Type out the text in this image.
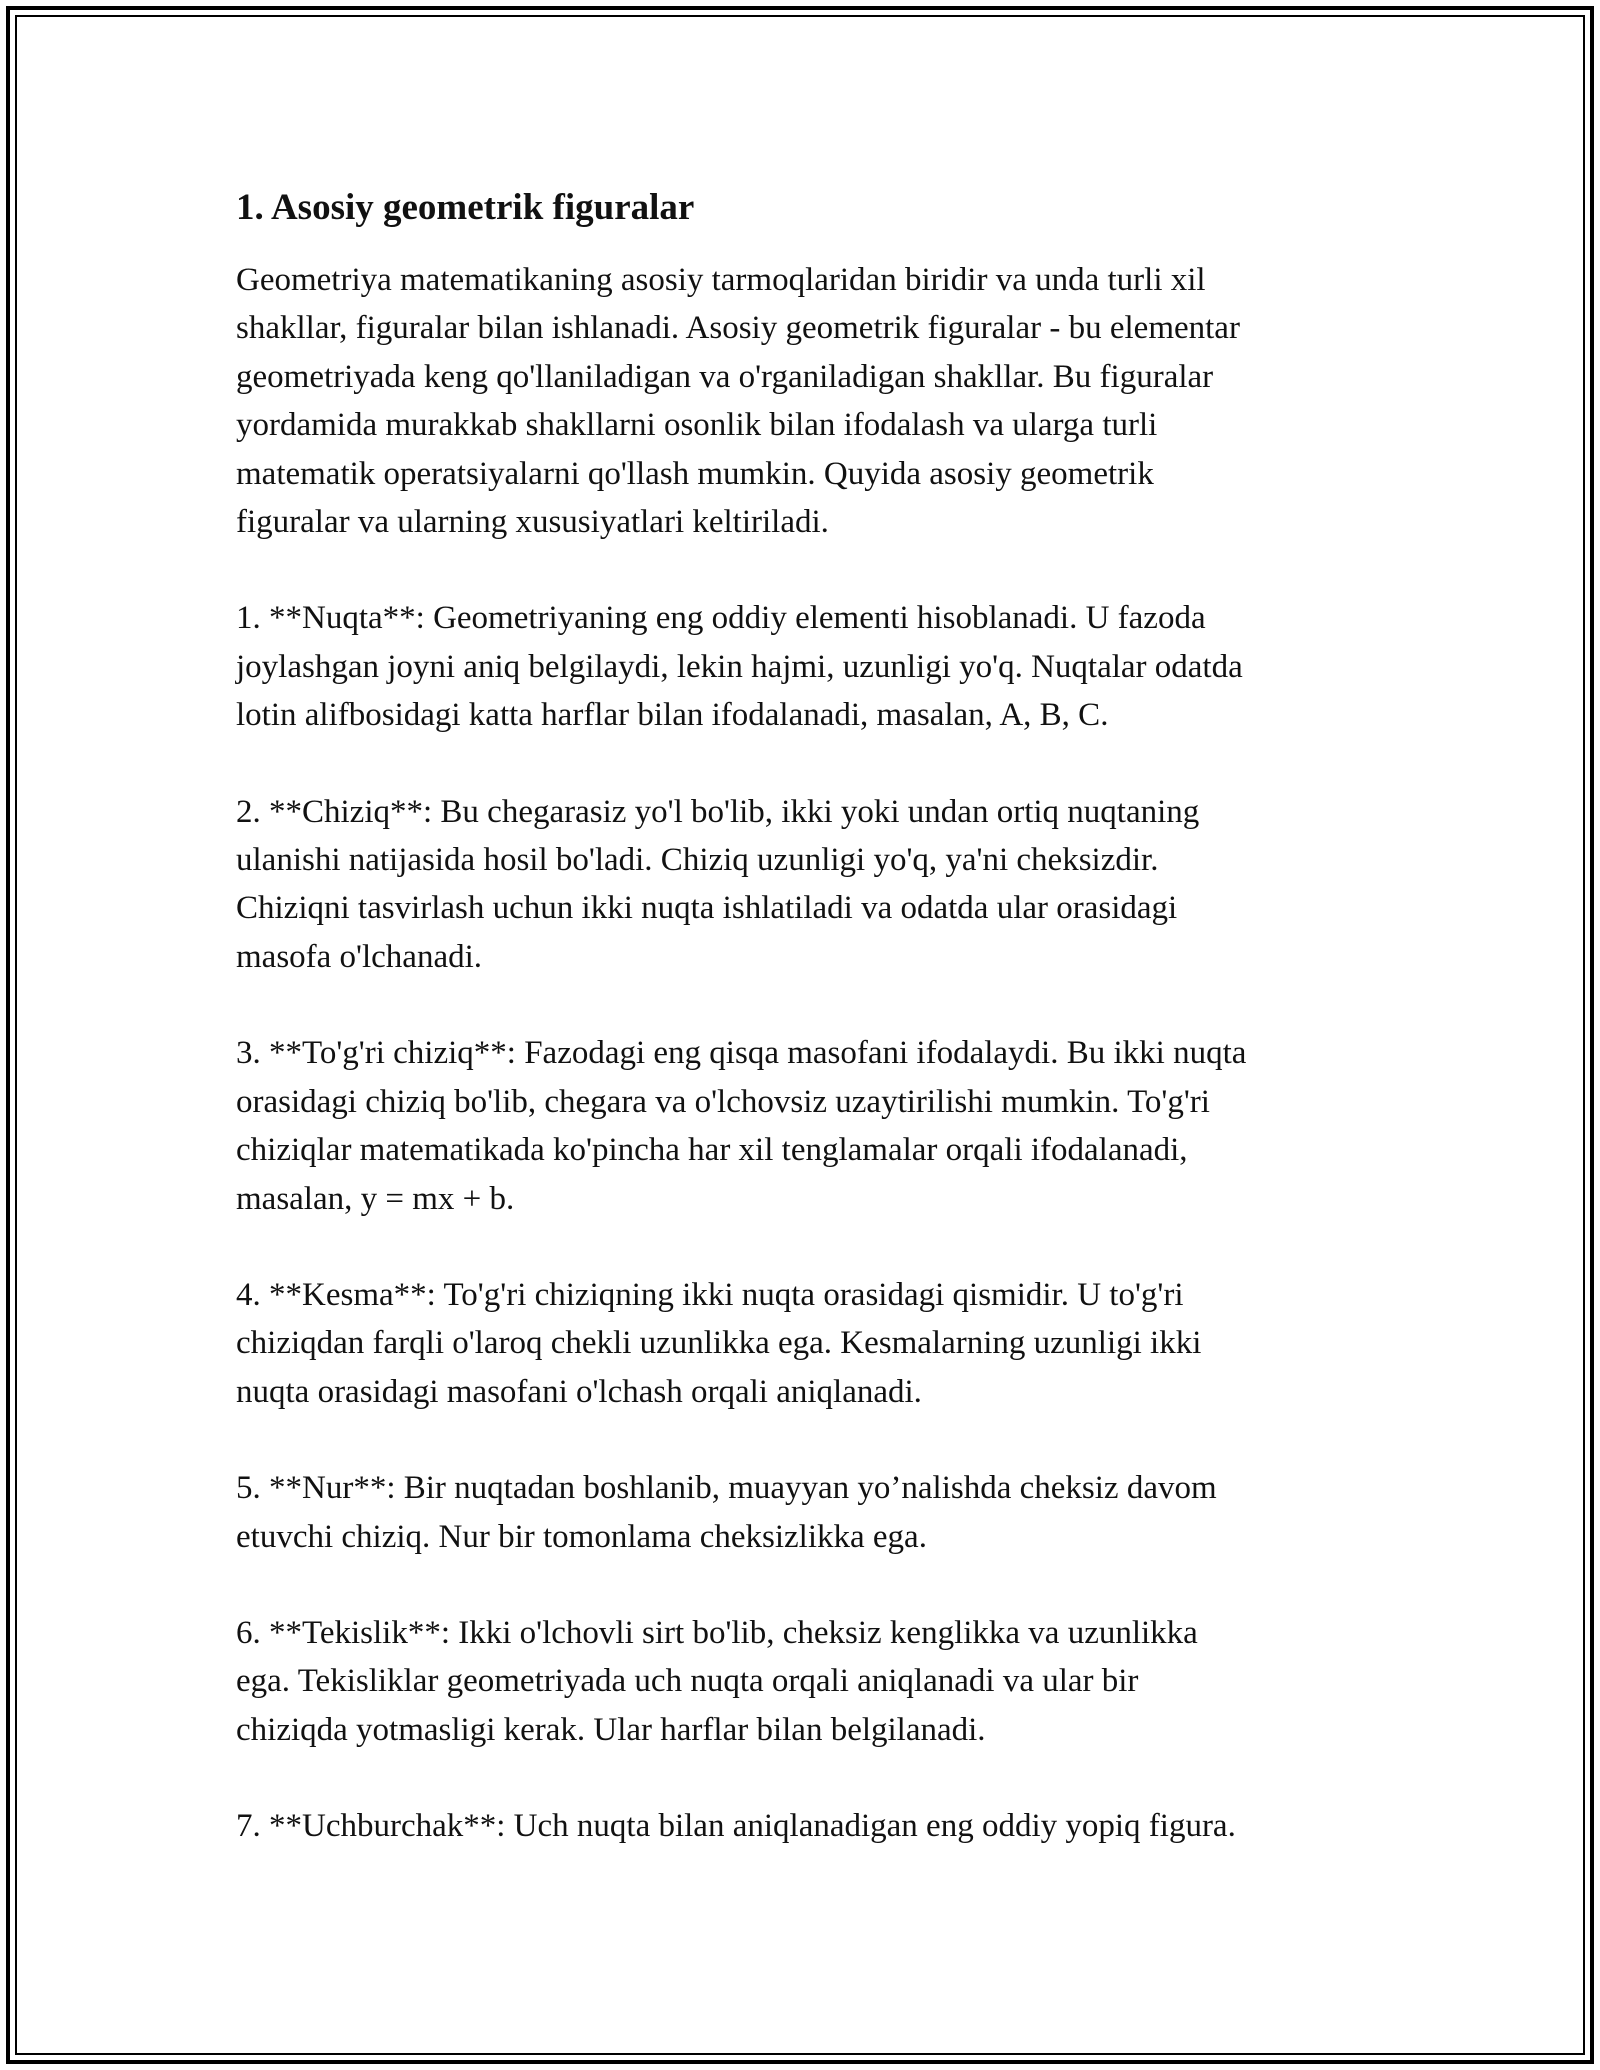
1. Asosiy geometrik figuralar

Geometriya matematikaning asosiy tarmoqlaridan biridir va unda turli xil
shakllar, figuralar bilan ishlanadi. Asosiy geometrik figuralar - bu elementar
geometriyada keng qo'llaniladigan va o'rganiladigan shakllar. Bu figuralar
yordamida murakkab shakllarni osonlik bilan ifodalash va ularga turli
matematik operatsiyalarni qo'llash mumkin. Quyida asosiy geometrik
figuralar va ularning xususiyatlari keltiriladi.

1. **Nuqta**: Geometriyaning eng oddiy elementi hisoblanadi. U fazoda
joylashgan joyni aniq belgilaydi, lekin hajmi, uzunligi yo'q. Nuqtalar odatda
lotin alifbosidagi katta harflar bilan ifodalanadi, masalan, A, B, C.

2. **Chiziq**: Bu chegarasiz yo'l bo'lib, ikki yoki undan ortiq nuqtaning
ulanishi natijasida hosil bo'ladi. Chiziq uzunligi yo'q, ya'ni cheksizdir.
Chiziqni tasvirlash uchun ikki nuqta ishlatiladi va odatda ular orasidagi
masofa o'lchanadi.

3. **To'g'ri chiziq**: Fazodagi eng qisqa masofani ifodalaydi. Bu ikki nuqta
orasidagi chiziq bo'lib, chegara va o'lchovsiz uzaytirilishi mumkin. To'g'ri
chiziqlar matematikada ko'pincha har xil tenglamalar orqali ifodalanadi,
masalan, y = mx + b.

4. **Kesma**: To'g'ri chiziqning ikki nuqta orasidagi qismidir. U to'g'ri
chiziqdan farqli o'laroq chekli uzunlikka ega. Kesmalarning uzunligi ikki
nuqta orasidagi masofani o'lchash orqali aniqlanadi.

5. **Nur**: Bir nuqtadan boshlanib, muayyan yo’nalishda cheksiz davom
etuvchi chiziq. Nur bir tomonlama cheksizlikka ega.

6. **Tekislik**: Ikki o'lchovli sirt bo'lib, cheksiz kenglikka va uzunlikka
ega. Tekisliklar geometriyada uch nuqta orqali aniqlanadi va ular bir
chiziqda yotmasligi kerak. Ular harflar bilan belgilanadi.

7. **Uchburchak**: Uch nuqta bilan aniqlanadigan eng oddiy yopiq figura.
